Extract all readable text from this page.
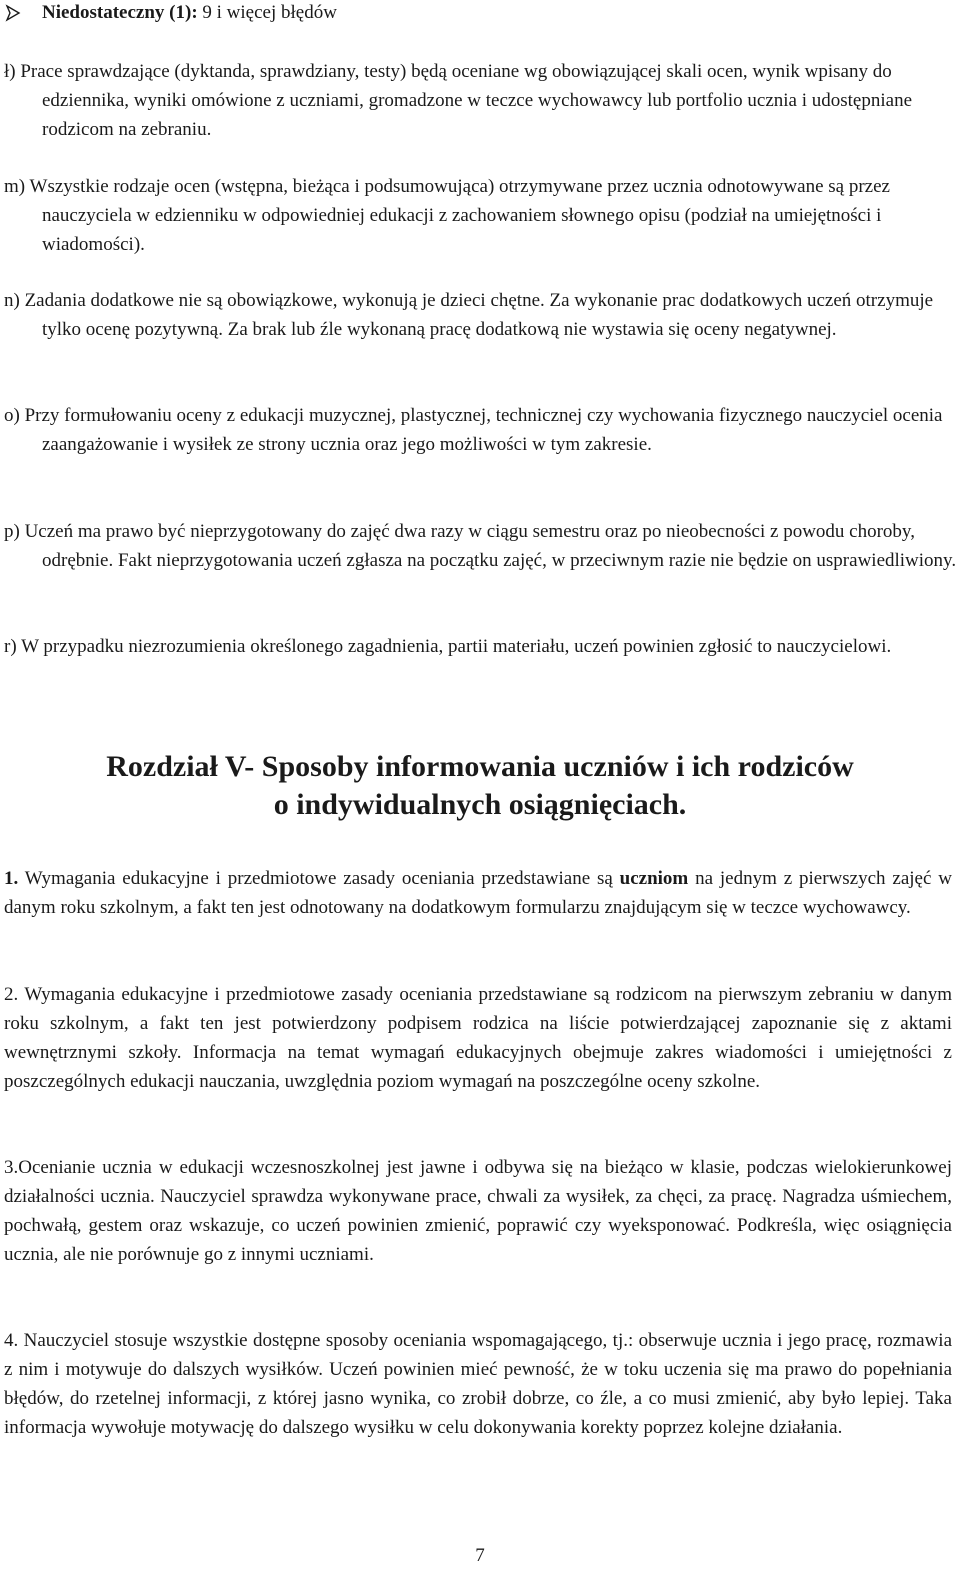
Niedostateczny (1): 9 i więcej błędów
ł) Prace sprawdzające (dyktanda, sprawdziany, testy) będą oceniane wg obowiązującej skali ocen, wynik wpisany do edziennika, wyniki omówione z uczniami, gromadzone w teczce wychowawcy lub portfolio ucznia i udostępniane rodzicom na zebraniu.
m) Wszystkie rodzaje ocen (wstępna, bieżąca i podsumowująca) otrzymywane przez ucznia odnotowywane są przez nauczyciela w edzienniku w odpowiedniej edukacji z zachowaniem słownego opisu (podział na umiejętności i wiadomości).
n) Zadania dodatkowe nie są obowiązkowe, wykonują je dzieci chętne. Za wykonanie prac dodatkowych uczeń otrzymuje tylko ocenę pozytywną. Za brak lub źle wykonaną pracę dodatkową nie wystawia się oceny negatywnej.
o) Przy formułowaniu oceny z edukacji muzycznej, plastycznej, technicznej czy wychowania fizycznego nauczyciel ocenia zaangażowanie i wysiłek ze strony ucznia oraz jego możliwości w tym zakresie.
p) Uczeń ma prawo być nieprzygotowany do zajęć dwa razy w ciągu semestru oraz po nieobecności z powodu choroby, odrębnie. Fakt nieprzygotowania uczeń zgłasza na początku zajęć, w przeciwnym razie nie będzie on usprawiedliwiony.
r) W przypadku niezrozumienia określonego zagadnienia, partii materiału, uczeń powinien zgłosić to nauczycielowi.
Rozdział V- Sposoby informowania uczniów i ich rodziców
o indywidualnych osiągnięciach.
1. Wymagania edukacyjne i przedmiotowe zasady oceniania przedstawiane są uczniom na jednym z pierwszych zajęć w danym roku szkolnym, a fakt ten jest odnotowany na dodatkowym formularzu znajdującym się w teczce wychowawcy.
2. Wymagania edukacyjne i przedmiotowe zasady oceniania przedstawiane są rodzicom na pierwszym zebraniu w danym roku szkolnym, a fakt ten jest potwierdzony podpisem rodzica na liście potwierdzającej zapoznanie się z aktami wewnętrznymi szkoły. Informacja na temat wymagań edukacyjnych obejmuje zakres wiadomości i umiejętności z poszczególnych edukacji nauczania, uwzględnia poziom wymagań na poszczególne oceny szkolne.
3.Ocenianie ucznia w edukacji wczesnoszkolnej jest jawne i odbywa się na bieżąco w klasie, podczas wielokierunkowej działalności ucznia. Nauczyciel sprawdza wykonywane prace, chwali za wysiłek, za chęci, za pracę. Nagradza uśmiechem, pochwałą, gestem oraz wskazuje, co uczeń powinien zmienić, poprawić czy wyeksponować. Podkreśla, więc osiągnięcia ucznia, ale nie porównuje go z innymi uczniami.
4. Nauczyciel stosuje wszystkie dostępne sposoby oceniania wspomagającego, tj.: obserwuje ucznia i jego pracę, rozmawia z nim i motywuje do dalszych wysiłków. Uczeń powinien mieć pewność, że w toku uczenia się ma prawo do popełniania błędów, do rzetelnej informacji, z której jasno wynika, co zrobił dobrze, co źle, a co musi zmienić, aby było lepiej. Taka informacja wywołuje motywację do dalszego wysiłku w celu dokonywania korekty poprzez kolejne działania.
7
